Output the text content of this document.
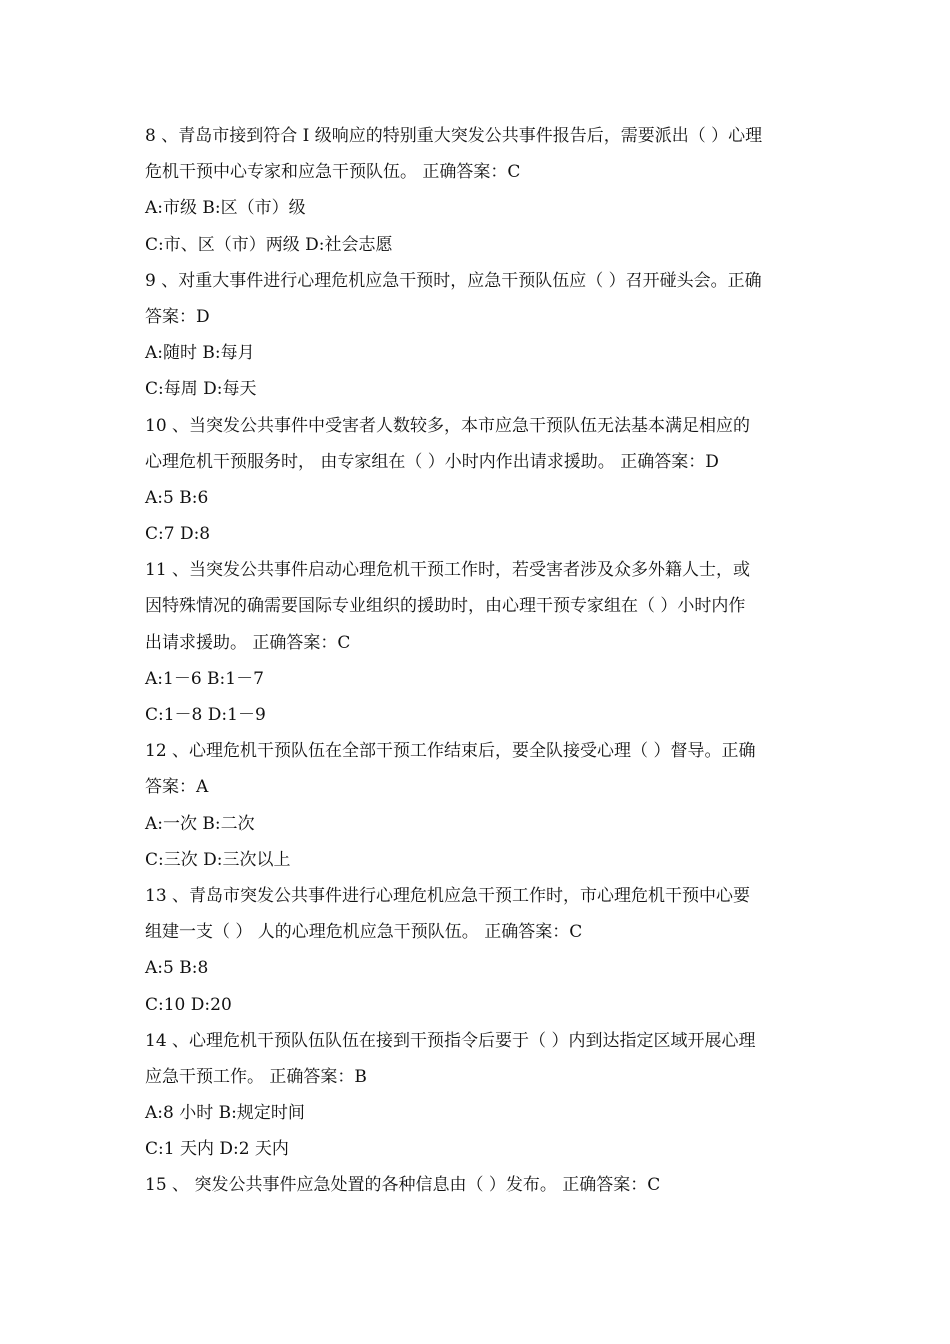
8 、青岛市接到符合 I 级响应的特别重大突发公共事件报告后，需要派出（ ）心理
危机干预中心专家和应急干预队伍。 正确答案：C
A:市级 B:区（市）级
C:市、区（市）两级 D:社会志愿
9 、对重大事件进行心理危机应急干预时，应急干预队伍应（ ）召开碰头会。正确
答案：D
A:随时 B:每月
C:每周 D:每天
10 、当突发公共事件中受害者人数较多，本市应急干预队伍无法基本满足相应的
心理危机干预服务时， 由专家组在（ ）小时内作出请求援助。 正确答案：D
A:5 B:6
C:7 D:8
11 、当突发公共事件启动心理危机干预工作时，若受害者涉及众多外籍人士，或
因特殊情况的确需要国际专业组织的援助时，由心理干预专家组在（ ）小时内作
出请求援助。 正确答案：C
A:1－6 B:1－7
C:1－8 D:1－9
12 、心理危机干预队伍在全部干预工作结束后，要全队接受心理（ ）督导。正确
答案：A
A:一次 B:二次
C:三次 D:三次以上
13 、青岛市突发公共事件进行心理危机应急干预工作时，市心理危机干预中心要
组建一支（ ） 人的心理危机应急干预队伍。 正确答案：C
A:5 B:8
C:10 D:20
14 、心理危机干预队伍队伍在接到干预指令后要于（ ）内到达指定区域开展心理
应急干预工作。 正确答案：B
A:8 小时 B:规定时间
C:1 天内 D:2 天内
15 、 突发公共事件应急处置的各种信息由（ ）发布。 正确答案：C
